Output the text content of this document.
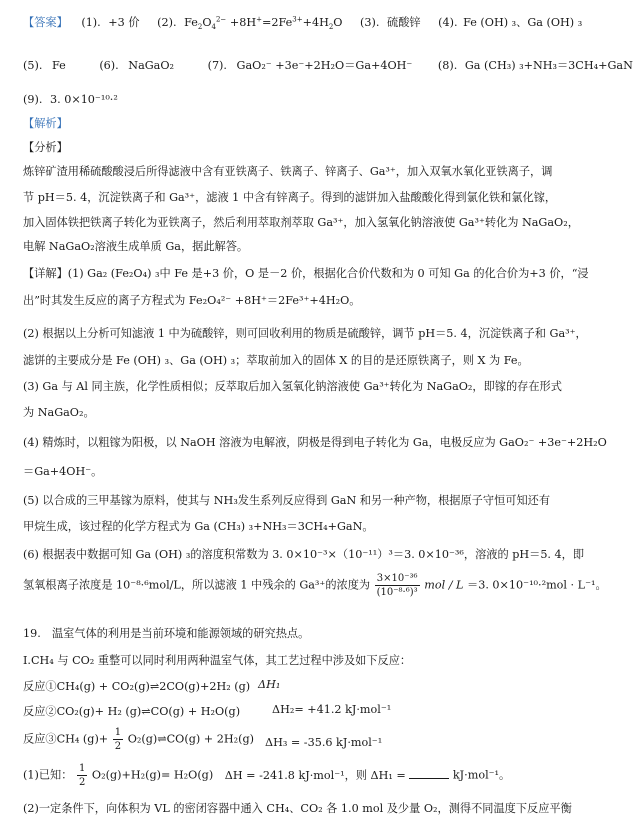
【答案】 (1). +3 价 (2). $Fe_2O_4^{2-} +8H^+=2Fe^{3+}+4H_2O$ (3). 硫酸锌 (4). Fe (OH) ₃、Ga (OH) ₃
(5). Fe	(6). NaGaO₂	(7). GaO₂⁻ +3e⁻+2H₂O＝Ga+4OH⁻ (8). Ga (CH₃) ₃+NH₃＝3CH₄+GaN
(9). 3. 0×10⁻¹⁰·²
【解析】
【分析】
炼锌矿渣用稀硫酸酸浸后所得滤液中含有亚铁离子、铁离子、锌离子、Ga³⁺，加入双氧水氧化亚铁离子，调
节 pH＝5. 4，沉淀铁离子和 Ga³⁺，滤液 1 中含有锌离子。得到的滤饼加入盐酸酸化得到氯化铁和氯化镓，
加入固体铁把铁离子转化为亚铁离子，然后利用萃取剂萃取 Ga³⁺，加入氢氧化钠溶液使 Ga³⁺转化为 NaGaO₂，
电解 NaGaO₂溶液生成单质 Ga，据此解答。
【详解】(1) Ga₂ (Fe₂O₄) ₃中 Fe 是+3 价，O 是－2 价，根据化合价代数和为 0 可知 Ga 的化合价为+3 价，“浸
出”时其发生反应的离子方程式为 Fe₂O₄²⁻ +8H⁺＝2Fe³⁺+4H₂O。
(2) 根据以上分析可知滤液 1 中为硫酸锌，则可回收利用的物质是硫酸锌，调节 pH＝5. 4，沉淀铁离子和 Ga³⁺，
滤饼的主要成分是 Fe (OH) ₃、Ga (OH) ₃；萃取前加入的固体 X 的目的是还原铁离子，则 X 为 Fe。
(3) Ga 与 Al 同主族，化学性质相似；反萃取后加入氢氧化钠溶液使 Ga³⁺转化为 NaGaO₂，即镓的存在形式
为 NaGaO₂。
(4) 精炼时，以粗镓为阳极，以 NaOH 溶液为电解液，阴极是得到电子转化为 Ga，电极反应为 GaO₂⁻ +3e⁻+2H₂O
＝Ga+4OH⁻。
(5) 以合成的三甲基镓为原料，使其与 NH₃发生系列反应得到 GaN 和另一种产物，根据原子守恒可知还有
甲烷生成，该过程的化学方程式为 Ga (CH₃) ₃+NH₃＝3CH₄+GaN。
(6) 根据表中数据可知 Ga (OH) ₃的溶度积常数为 3. 0×10⁻³×（10⁻¹¹）³＝3. 0×10⁻³⁶，溶液的 pH＝5. 4，即
氢氧根离子浓度是 10⁻⁸·⁶mol/L，所以滤液 1 中残余的 Ga³⁺的浓度为 $\frac{\text{3×10⁻³⁶}}{\text{(10⁻⁸·⁶)³}}$ mol / L ＝3. 0×10⁻¹⁰·²mol · L⁻¹。
19.　温室气体的利用是当前环境和能源领域的研究热点。
I.CH₄ 与 CO₂ 重整可以同时利用两种温室气体，其工艺过程中涉及如下反应：
反应①CH₄(g) + CO₂(g)⇌2CO(g)+2H₂ (g) ΔH₁
反应②CO₂(g)+ H₂ (g)⇌CO(g) + H₂O(g)	ΔH₂= +41.2 kJ·mol⁻¹
反应③CH₄ $(g)+ \frac{1}{2}$ O₂(g)⇌CO(g) + 2H₂(g) ΔH₃ = -35.6 kJ·mol⁻¹
(1)已知： $\frac{1}{2} O_2(g)+H_2(g)= H_2O(g) \Delta H = -241.8$ kJ·mol⁻¹，则 ΔH₁ =	kJ·mol⁻¹。
(2)一定条件下，向体积为 VL 的密闭容器中通入 CH₄、CO₂ 各 1.0 mol 及少量 O₂，测得不同温度下反应平衡
